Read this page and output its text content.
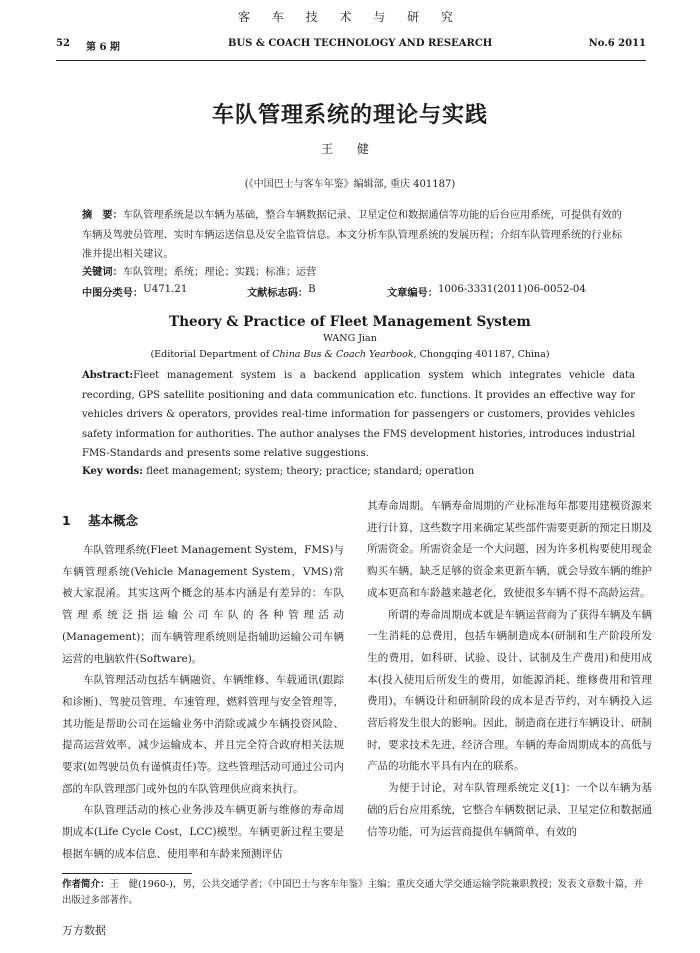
客 车 技 术 与 研 究
52 第 6 期	BUS & COACH TECHNOLOGY AND RESEARCH	No.6 2011
车队管理系统的理论与实践
王 健
(《中国巴士与客车年鉴》编辑部, 重庆 401187)
摘　要：车队管理系统是以车辆为基础，整合车辆数据记录、卫星定位和数据通信等功能的后台应用系统，可提供有效的车辆及驾驶员管理、实时车辆运送信息及安全监管信息。本文分析车队管理系统的发展历程；介绍车队管理系统的行业标准并提出相关建议。
关键词：车队管理；系统；理论；实践；标准；运营
中图分类号： U471.21	文献标志码： B	文章编号： 1006-3331(2011)06-0052-04
Theory & Practice of Fleet Management System
WANG Jian
(Editorial Department of China Bus & Coach Yearbook, Chongqing 401187, China)
Abstract:Fleet management system is a backend application system which integrates vehicle data recording, GPS satellite positioning and data communication etc. functions. It provides an effective way for vehicles drivers & operators, provides real-time information for passengers or customers, provides vehicles safety information for authorities. The author analyses the FMS development histories, introduces industrial FMS-Standards and presents some relative suggestions.
Key words: fleet management; system; theory; practice; standard; operation
1 基本概念

车队管理系统(Fleet Management System，FMS)与车辆管理系统(Vehicle Management System，VMS)常被大家混淆。其实这两个概念的基本内涵是有差异的：车队管理系统泛指运输公司车队的各种管理活动(Management)；而车辆管理系统则是指辅助运输公司车辆运营的电脑软件(Software)。

车队管理活动包括车辆融资、车辆维修、车载通讯(跟踪和诊断)、驾驶员管理、车速管理、燃料管理与安全管理等，其功能是帮助公司在运输业务中消除或减少车辆投资风险、提高运营效率、减少运输成本、并且完全符合政府相关法规要求(如驾驶员负有谨慎责任)等。这些管理活动可通过公司内部的车队管理部门或外包的车队管理供应商来执行。

车队管理活动的核心业务涉及车辆更新与维修的寿命周期成本(Life Cycle Cost，LCC)模型。车辆更新过程主要是根据车辆的成本信息、使用率和车龄来预测评估

其寿命周期。车辆寿命周期的产业标准每年都要用建模资源来进行计算，这些数字用来确定某些部件需要更新的预定日期及所需资金。所需资金是一个大问题，因为许多机构要使用现金购买车辆，缺乏足够的资金来更新车辆，就会导致车辆的维护成本更高和车龄越来越老化，致使很多车辆不得不高龄运营。

所谓的寿命周期成本就是车辆运营商为了获得车辆及车辆一生消耗的总费用，包括车辆制造成本(研制和生产阶段所发生的费用，如科研、试验、设计、试制及生产费用)和使用成本(投入使用后所发生的费用，如能源消耗、维修费用和管理费用)，车辆设计和研制阶段的成本是否节约，对车辆投入运营后将发生很大的影响。因此，制造商在进行车辆设计、研制时，要求技术先进，经济合理。车辆的寿命周期成本的高低与产品的功能水平具有内在的联系。

为便于讨论，对车队管理系统定义[1]：一个以车辆为基础的后台应用系统，它整合车辆数据记录、卫星定位和数据通信等功能，可为运营商提供车辆简单、有效的

作者简介：王　健(1960-)，男，公共交通学者；《中国巴士与客车年鉴》主编；重庆交通大学交通运输学院兼职教授；发表文章数十篇，并出版过多部著作。
万方数据
